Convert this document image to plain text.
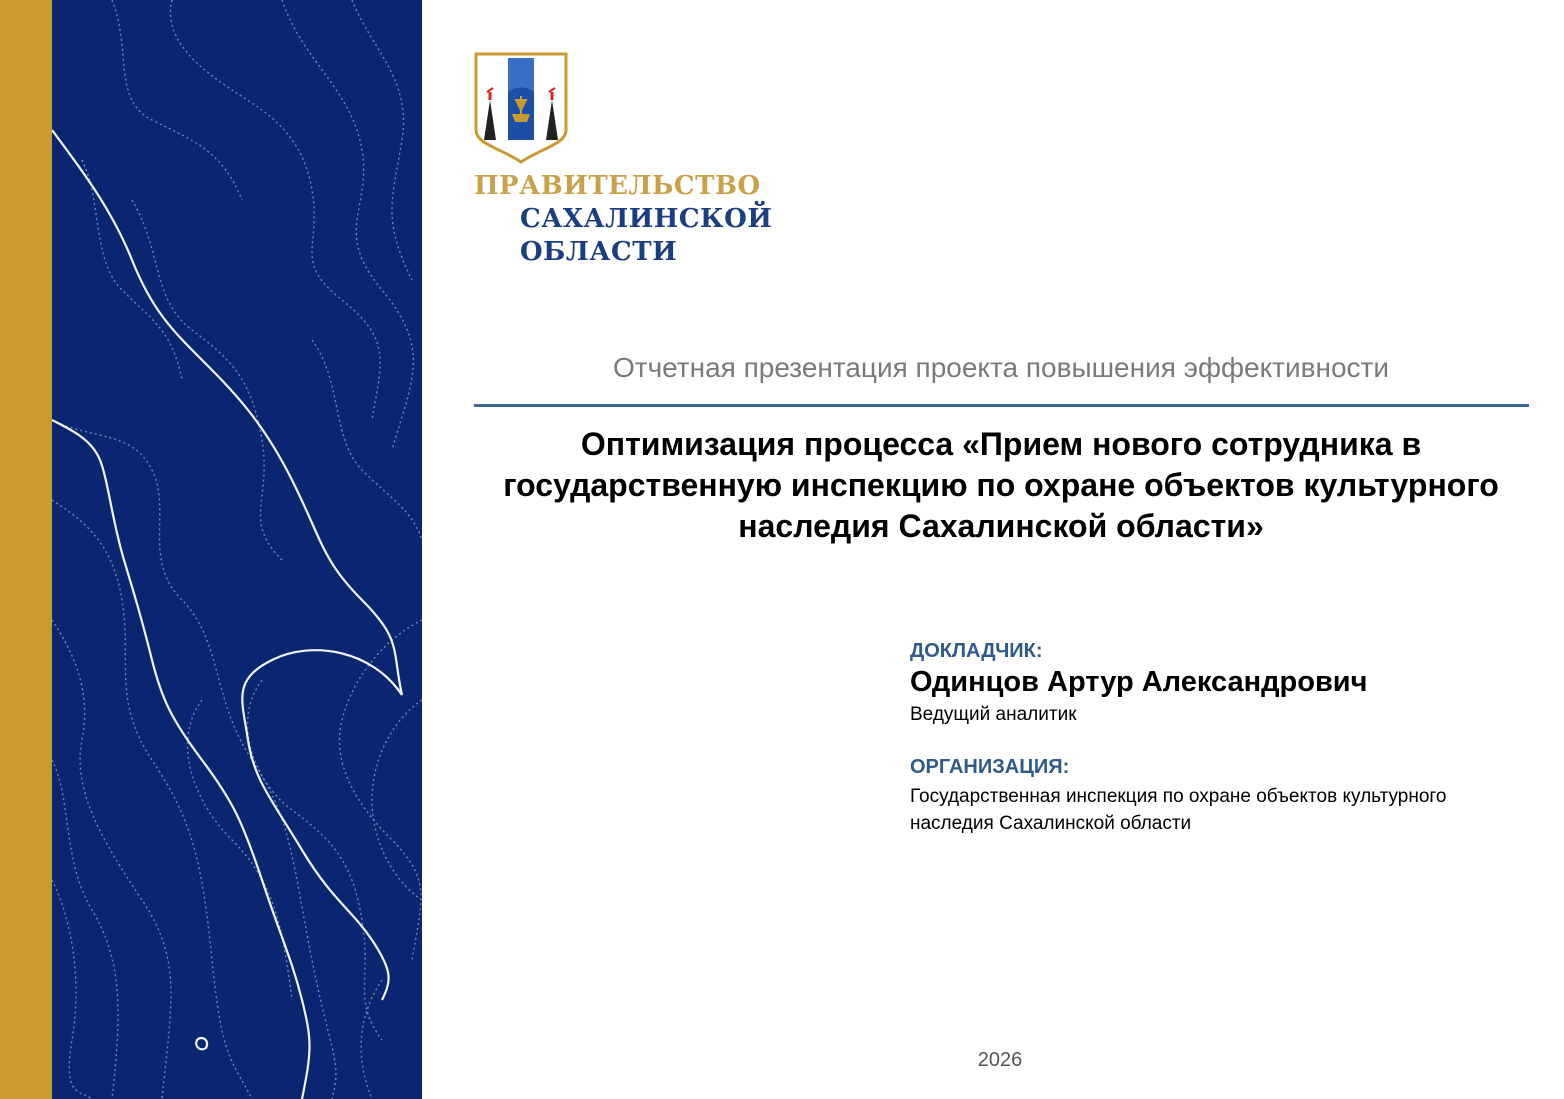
ПРАВИТЕЛЬСТВО
САХАЛИНСКОЙ
ОБЛАСТИ
Отчетная презентация проекта повышения эффективности
Оптимизация процесса «Прием нового сотрудника в государственную инспекцию по охране объектов культурного наследия Сахалинской области»
ДОКЛАДЧИК:
Одинцов Артур Александрович
Ведущий аналитик
ОРГАНИЗАЦИЯ:
Государственная инспекция по охране объектов культурного наследия Сахалинской области
2026
